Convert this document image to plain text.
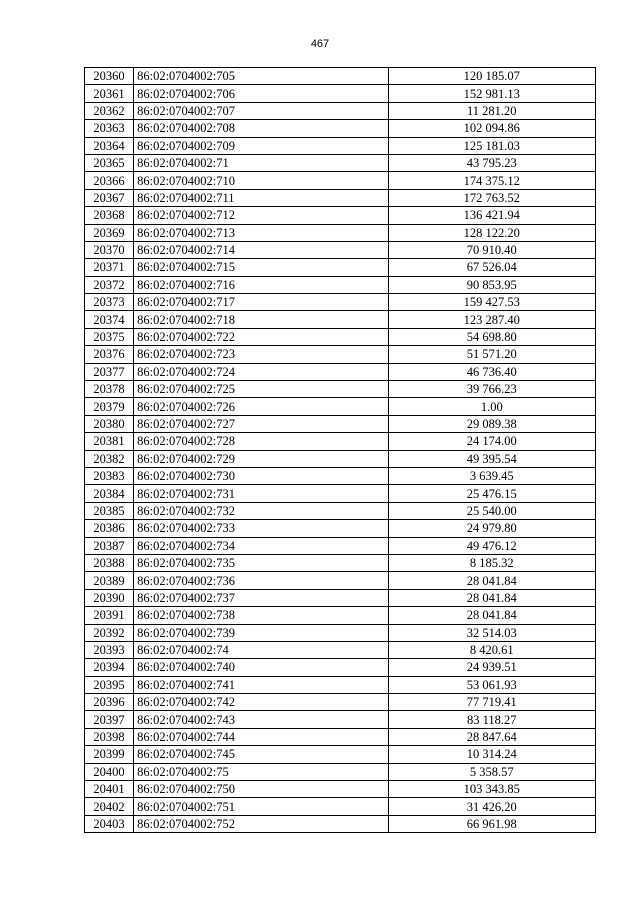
467
20360	86:02:0704002:705	120 185.07
20361	86:02:0704002:706	152 981.13
20362	86:02:0704002:707	11 281.20
20363	86:02:0704002:708	102 094.86
20364	86:02:0704002:709	125 181.03
20365	86:02:0704002:71	43 795.23
20366	86:02:0704002:710	174 375.12
20367	86:02:0704002:711	172 763.52
20368	86:02:0704002:712	136 421.94
20369	86:02:0704002:713	128 122.20
20370	86:02:0704002:714	70 910.40
20371	86:02:0704002:715	67 526.04
20372	86:02:0704002:716	90 853.95
20373	86:02:0704002:717	159 427.53
20374	86:02:0704002:718	123 287.40
20375	86:02:0704002:722	54 698.80
20376	86:02:0704002:723	51 571.20
20377	86:02:0704002:724	46 736.40
20378	86:02:0704002:725	39 766.23
20379	86:02:0704002:726	1.00
20380	86:02:0704002:727	29 089.38
20381	86:02:0704002:728	24 174.00
20382	86:02:0704002:729	49 395.54
20383	86:02:0704002:730	3 639.45
20384	86:02:0704002:731	25 476.15
20385	86:02:0704002:732	25 540.00
20386	86:02:0704002:733	24 979.80
20387	86:02:0704002:734	49 476.12
20388	86:02:0704002:735	8 185.32
20389	86:02:0704002:736	28 041.84
20390	86:02:0704002:737	28 041.84
20391	86:02:0704002:738	28 041.84
20392	86:02:0704002:739	32 514.03
20393	86:02:0704002:74	8 420.61
20394	86:02:0704002:740	24 939.51
20395	86:02:0704002:741	53 061.93
20396	86:02:0704002:742	77 719.41
20397	86:02:0704002:743	83 118.27
20398	86:02:0704002:744	28 847.64
20399	86:02:0704002:745	10 314.24
20400	86:02:0704002:75	5 358.57
20401	86:02:0704002:750	103 343.85
20402	86:02:0704002:751	31 426.20
20403	86:02:0704002:752	66 961.98
